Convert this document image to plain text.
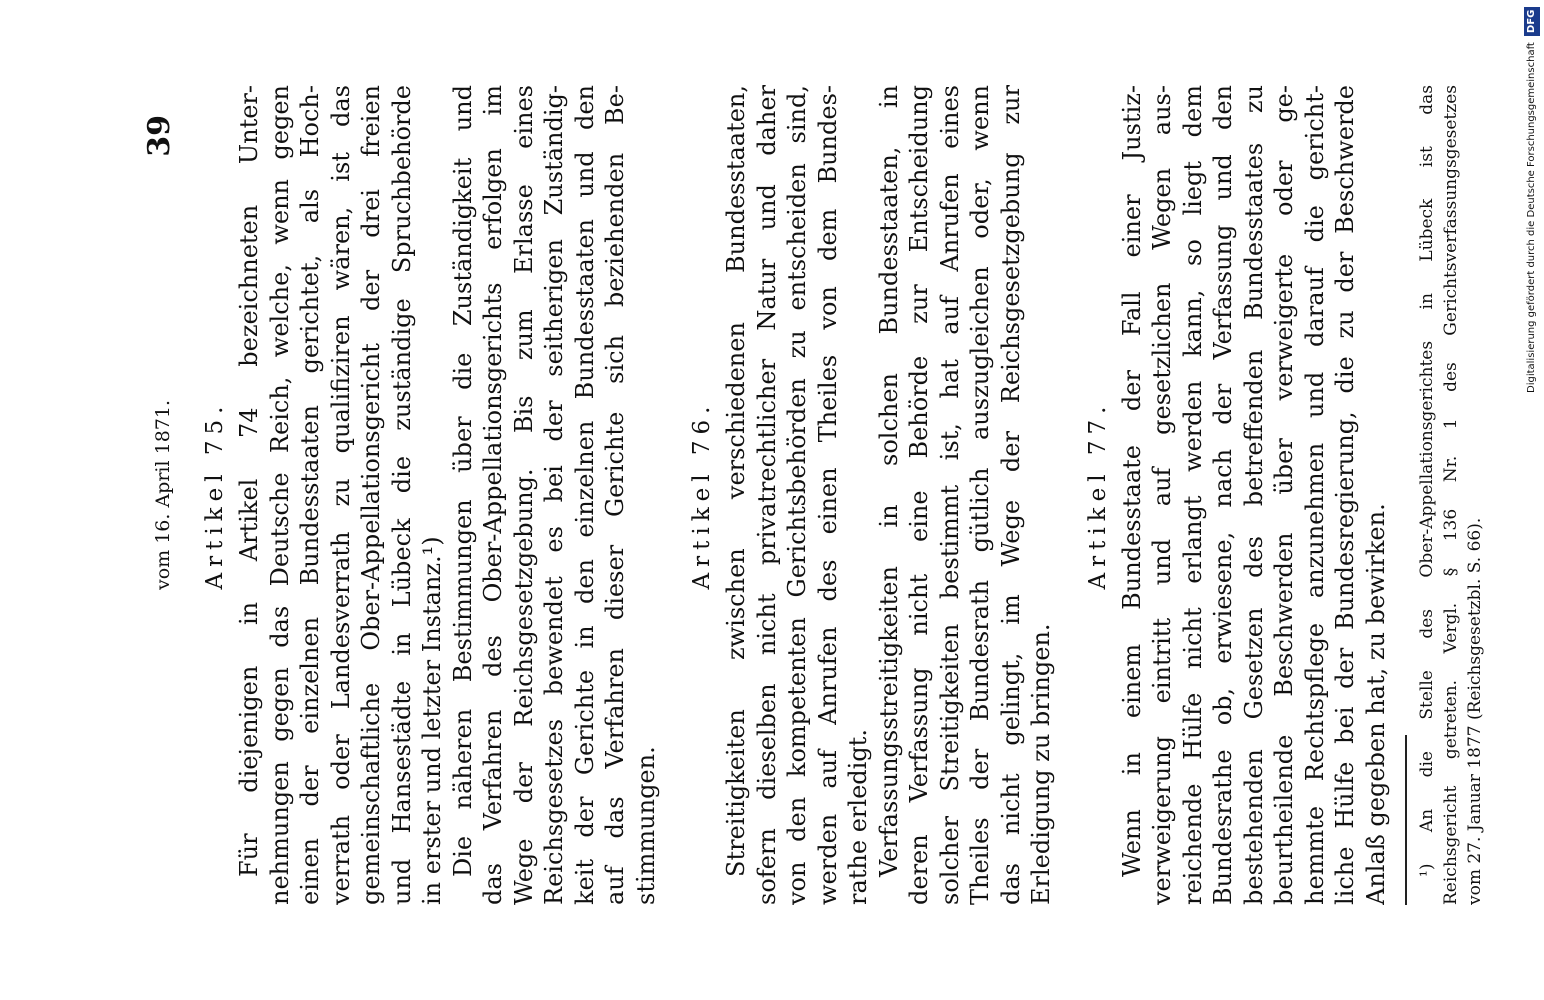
vom 16. April 1871.
39
Artikel 75. Für diejenigen in Artikel 74 bezeichneten Unter- nehmungen gegen das Deutsche Reich, welche, wenn gegen einen der einzelnen Bundesstaaten gerichtet, als Hoch- verrath oder Landesverrath zu qualifiziren wären, ist das gemeinschaftliche Ober-Appellationsgericht der drei freien und Hansestädte in Lübeck die zuständige Spruchbehörde in erster und letzter Instanz.¹) Die näheren Bestimmungen über die Zuständigkeit und das Verfahren des Ober-Appellationsgerichts erfolgen im Wege der Reichsgesetzgebung. Bis zum Erlasse eines Reichsgesetzes bewendet es bei der seitherigen Zuständig- keit der Gerichte in den einzelnen Bundesstaaten und den auf das Verfahren dieser Gerichte sich beziehenden Be- stimmungen.
Artikel 76. Streitigkeiten zwischen verschiedenen Bundesstaaten, sofern dieselben nicht privatrechtlicher Natur und daher von den kompetenten Gerichtsbehörden zu entscheiden sind, werden auf Anrufen des einen Theiles von dem Bundes- rathe erledigt. Verfassungsstreitigkeiten in solchen Bundesstaaten, in deren Verfassung nicht eine Behörde zur Entscheidung solcher Streitigkeiten bestimmt ist, hat auf Anrufen eines Theiles der Bundesrath gütlich auszugleichen oder, wenn das nicht gelingt, im Wege der Reichsgesetzgebung zur Erledigung zu bringen.
Artikel 77. Wenn in einem Bundesstaate der Fall einer Justiz- verweigerung eintritt und auf gesetzlichen Wegen aus- reichende Hülfe nicht erlangt werden kann, so liegt dem Bundesrathe ob, erwiesene, nach der Verfassung und den bestehenden Gesetzen des betreffenden Bundesstaates zu beurtheilende Beschwerden über verweigerte oder ge- hemmte Rechtspflege anzunehmen und darauf die gericht- liche Hülfe bei der Bundesregierung, die zu der Beschwerde Anlaß gegeben hat, zu bewirken. ¹) An die Stelle des Ober-Appellationsgerichtes in Lübeck ist das Reichsgericht getreten. Vergl. § 136 Nr. 1 des Gerichtsverfassungsgesetzes vom 27. Januar 1877 (Reichsgesetzbl. S. 66).
Digitalisierung gefördert durch die Deutsche Forschungsgemeinschaft DFG
